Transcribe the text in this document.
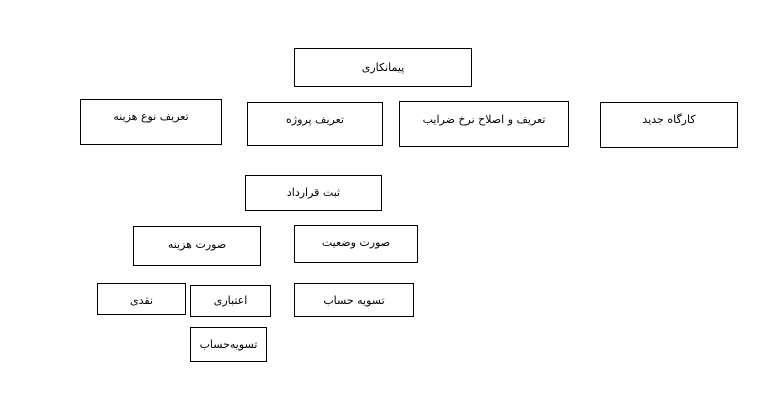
پیمانکاری
تعریف نوع هزینه	تعریف پروژه	تعریف و اصلاح نرخ ضرایب	کارگاه جدید
ثبت قرارداد
صورت هزینه	صورت وضعیت
نقدی	اعتباری	تسویه حساب
تسویه‌حساب
